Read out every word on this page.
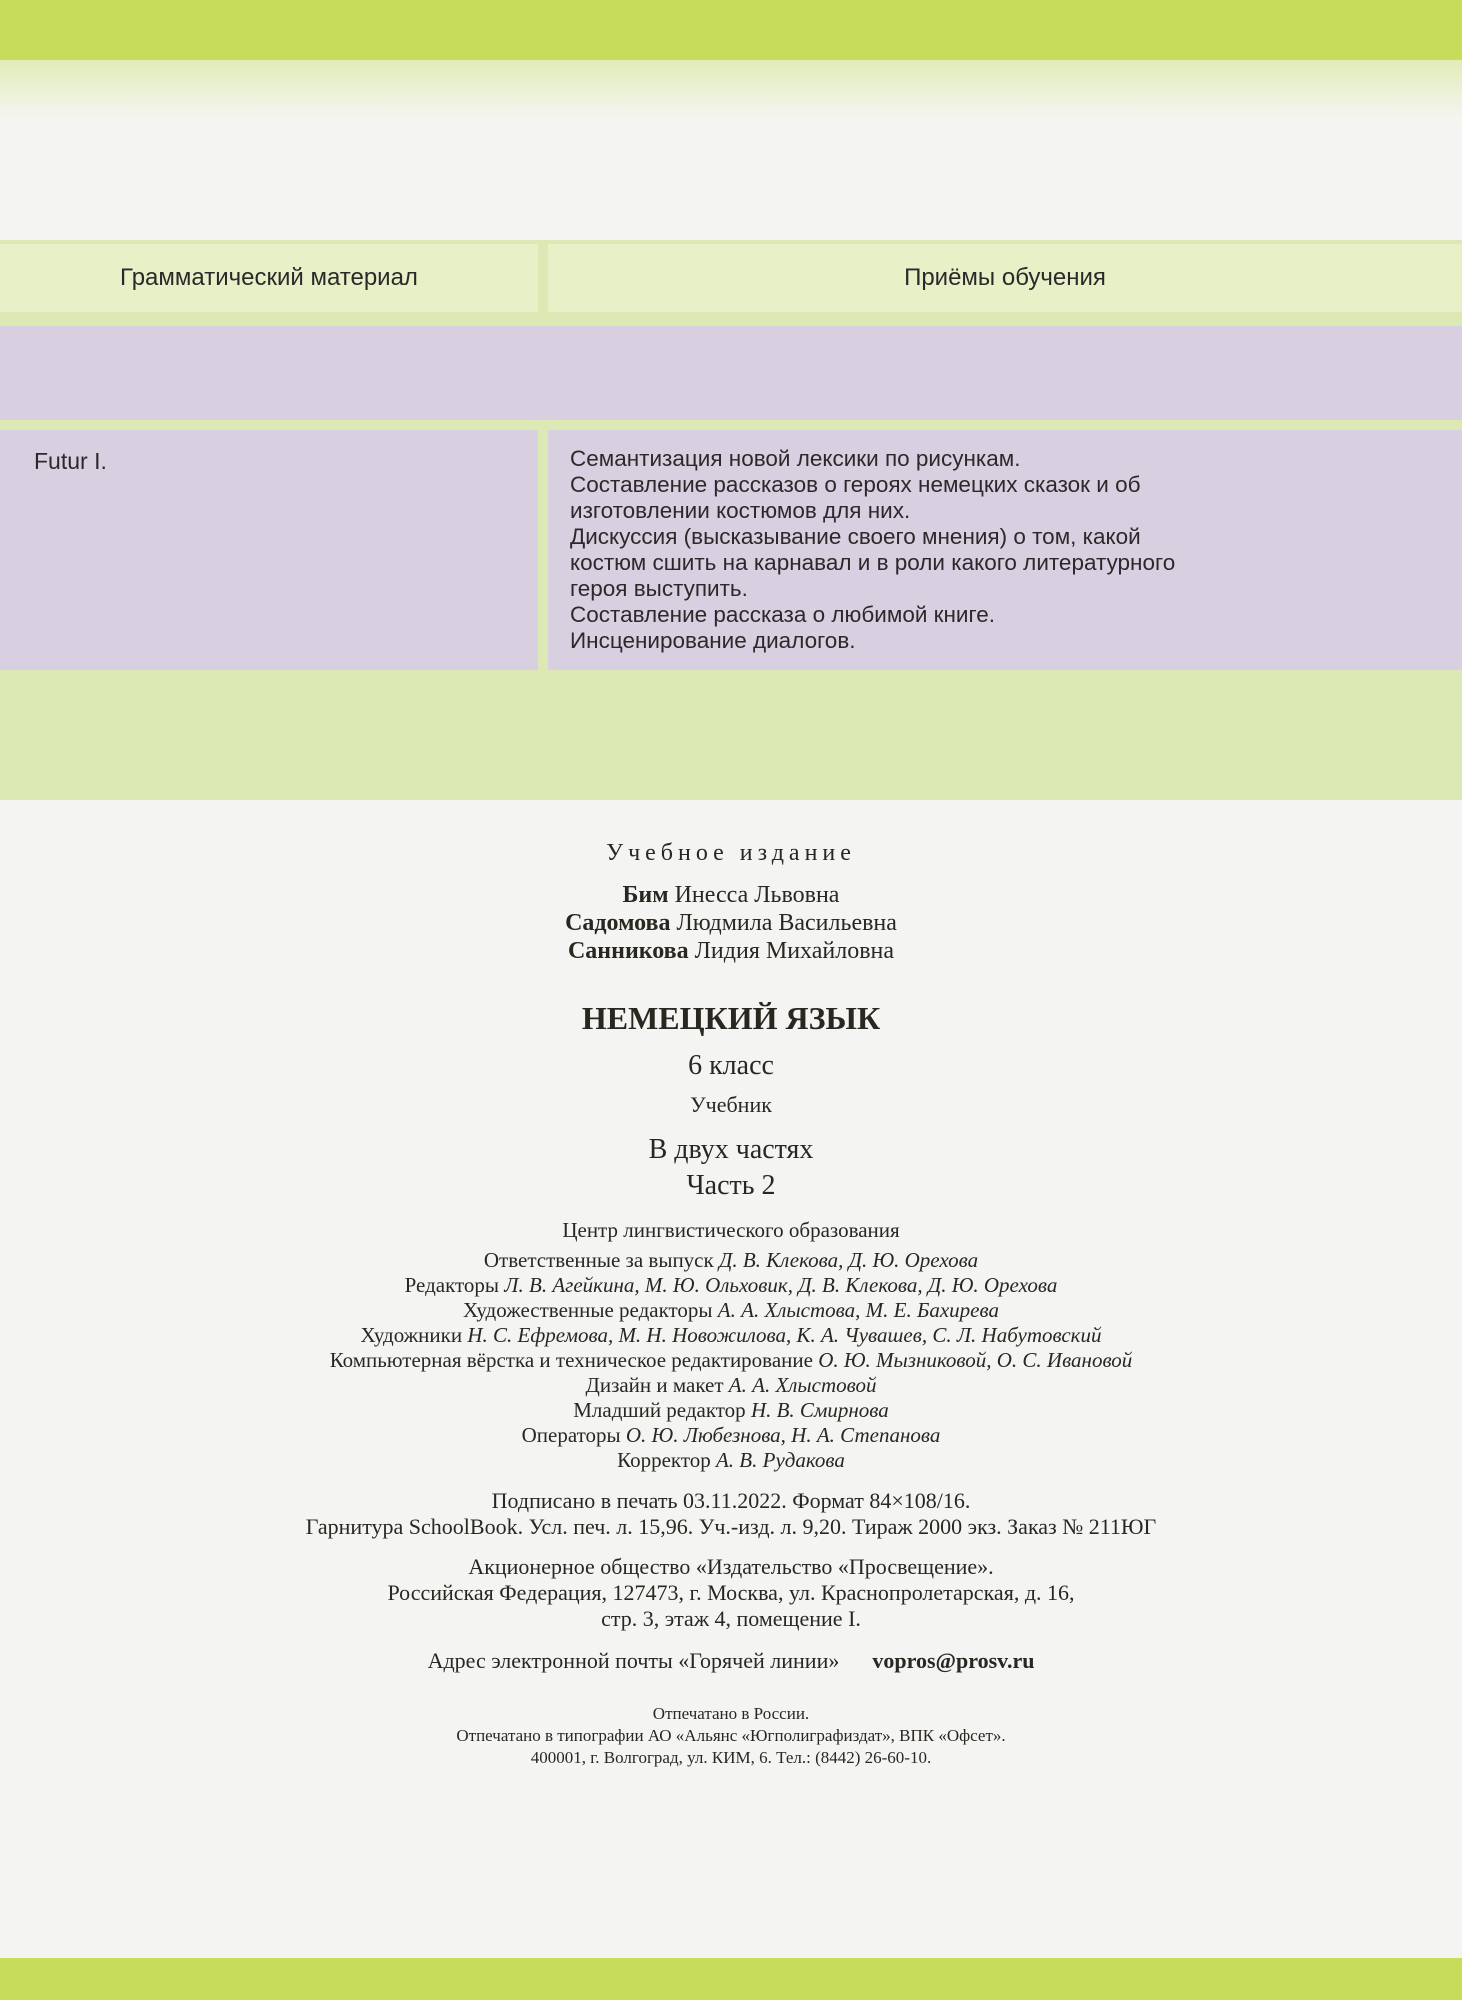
Грамматический материал	Приёмы обучения
Futur I.	Семантизация новой лексики по рисункам.
Составление рассказов о героях немецких сказок и об
изготовлении костюмов для них.
Дискуссия (высказывание своего мнения) о том, какой
костюм сшить на карнавал и в роли какого литературного
героя выступить.
Составление рассказа о любимой книге.
Инсценирование диалогов.
Учебное издание
Бим Инесса Львовна
Садомова Людмила Васильевна
Санникова Лидия Михайловна
НЕМЕЦКИЙ ЯЗЫК
6 класс
Учебник
В двух частях
Часть 2
Центр лингвистического образования
Ответственные за выпуск Д. В. Клекова, Д. Ю. Орехова
Редакторы Л. В. Агейкина, М. Ю. Ольховик, Д. В. Клекова, Д. Ю. Орехова
Художественные редакторы А. А. Хлыстова, М. Е. Бахирева
Художники Н. С. Ефремова, М. Н. Новожилова, К. А. Чувашев, С. Л. Набутовский
Компьютерная вёрстка и техническое редактирование О. Ю. Мызниковой, О. С. Ивановой
Дизайн и макет А. А. Хлыстовой
Младший редактор Н. В. Смирнова
Операторы О. Ю. Любезнова, Н. А. Степанова
Корректор А. В. Рудакова
Подписано в печать 03.11.2022. Формат 84×108/16.
Гарнитура SchoolBook. Усл. печ. л. 15,96. Уч.-изд. л. 9,20. Тираж 2000 экз. Заказ № 211ЮГ
Акционерное общество «Издательство «Просвещение».
Российская Федерация, 127473, г. Москва, ул. Краснопролетарская, д. 16,
стр. 3, этаж 4, помещение I.
Адрес электронной почты «Горячей линии» vopros@prosv.ru
Отпечатано в России.
Отпечатано в типографии АО «Альянс «Югполиграфиздат», ВПК «Офсет».
400001, г. Волгоград, ул. КИМ, 6. Тел.: (8442) 26-60-10.
